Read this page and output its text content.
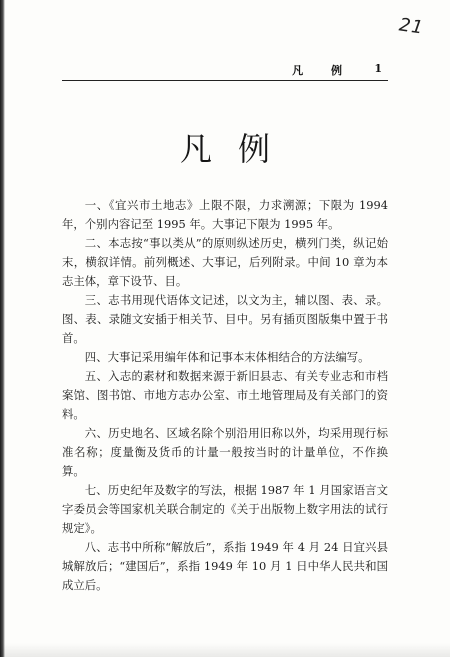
21
凡 例 1
凡例

一、《宜兴市土地志》上限不限，力求溯源；下限为 1994 年，个别内容记至 1995 年。大事记下限为 1995 年。

二、本志按“事以类从”的原则纵述历史，横列门类，纵记始末，横叙详情。前列概述、大事记，后列附录。中间 10 章为本志主体，章下设节、目。

三、志书用现代语体文记述，以文为主，辅以图、表、录。图、表、录随文安插于相关节、目中。另有插页图版集中置于书首。

四、大事记采用编年体和记事本末体相结合的方法编写。

五、入志的素材和数据来源于新旧县志、有关专业志和市档案馆、图书馆、市地方志办公室、市土地管理局及有关部门的资料。

六、历史地名、区域名除个别沿用旧称以外，均采用现行标准名称；度量衡及货币的计量一般按当时的计量单位，不作换算。

七、历史纪年及数字的写法，根据 1987 年 1 月国家语言文字委员会等国家机关联合制定的《关于出版物上数字用法的试行规定》。

八、志书中所称“解放后”，系指 1949 年 4 月 24 日宜兴县城解放后；“建国后”，系指 1949 年 10 月 1 日中华人民共和国成立后。
